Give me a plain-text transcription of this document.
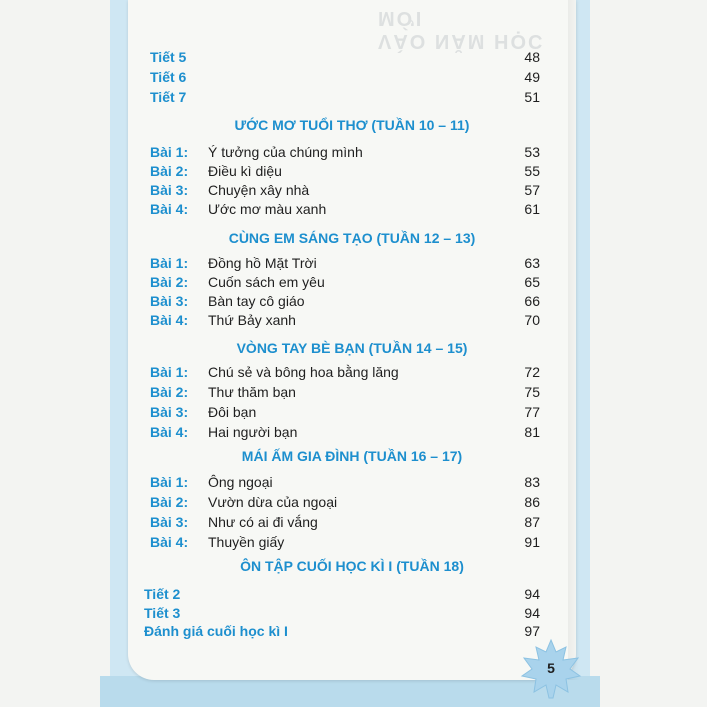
VÀO NĂM HỌC MỚI
Tiết 5	48
Tiết 6	49
Tiết 7	51
ƯỚC MƠ TUỔI THƠ (TUẦN 10 – 11)
Bài 1: Ý tưởng của chúng mình	53
Bài 2: Điều kì diệu	55
Bài 3: Chuyện xây nhà	57
Bài 4: Ước mơ màu xanh	61
CÙNG EM SÁNG TẠO (TUẦN 12 – 13)
Bài 1: Đồng hồ Mặt Trời	63
Bài 2: Cuốn sách em yêu	65
Bài 3: Bàn tay cô giáo	66
Bài 4: Thứ Bảy xanh	70
VÒNG TAY BÈ BẠN (TUẦN 14 – 15)
Bài 1: Chú sẻ và bông hoa bằng lăng	72
Bài 2: Thư thăm bạn	75
Bài 3: Đôi bạn	77
Bài 4: Hai người bạn	81
MÁI ẤM GIA ĐÌNH (TUẦN 16 – 17)
Bài 1: Ông ngoại	83
Bài 2: Vườn dừa của ngoại	86
Bài 3: Như có ai đi vắng	87
Bài 4: Thuyền giấy	91
ÔN TẬP CUỐI HỌC KÌ I (TUẦN 18)
Tiết 2	94
Tiết 3	94
Đánh giá cuối học kì I	97
5
